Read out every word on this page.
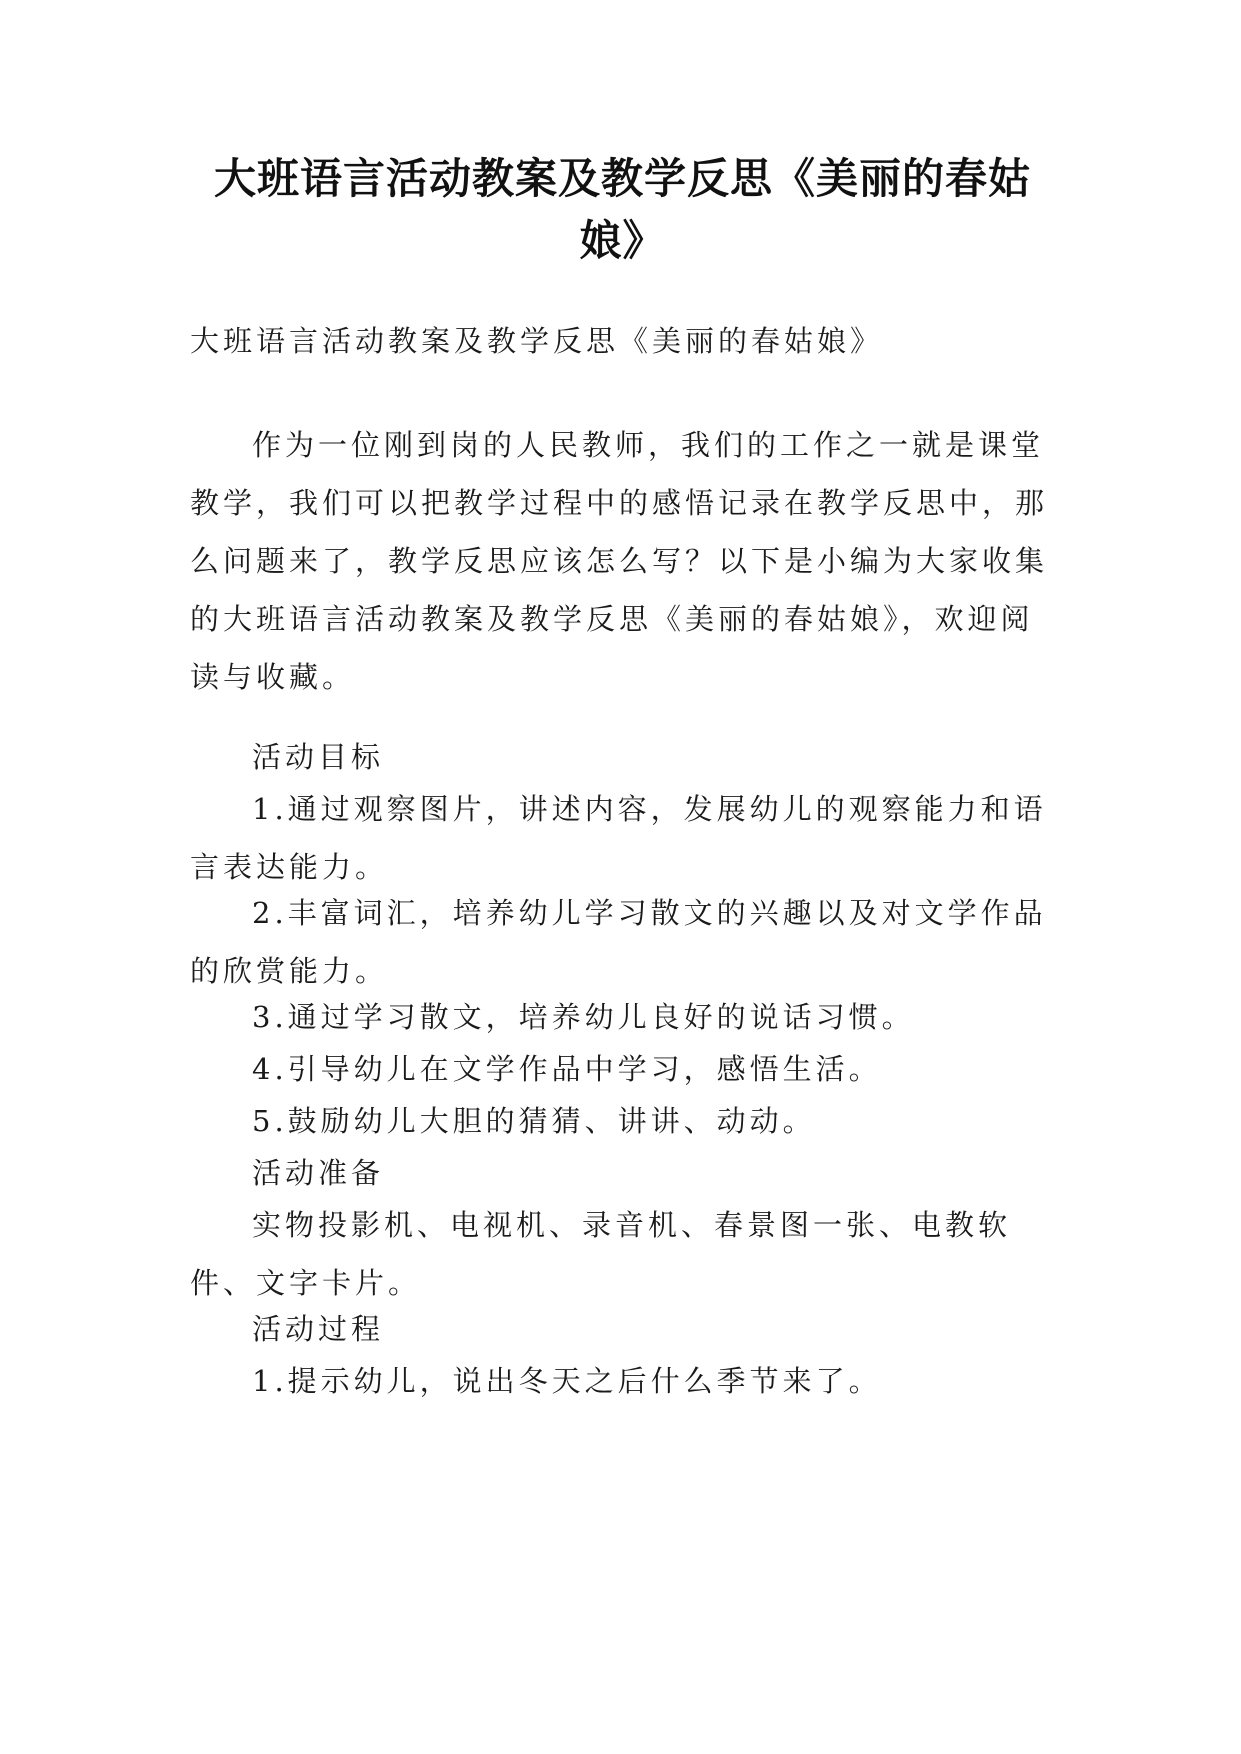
大班语言活动教案及教学反思《美丽的春姑娘》

大班语言活动教案及教学反思《美丽的春姑娘》

作为一位刚到岗的人民教师，我们的工作之一就是课堂教学，我们可以把教学过程中的感悟记录在教学反思中，那么问题来了，教学反思应该怎么写？以下是小编为大家收集的大班语言活动教案及教学反思《美丽的春姑娘》，欢迎阅读与收藏。

活动目标

1.通过观察图片，讲述内容，发展幼儿的观察能力和语言表达能力。

2.丰富词汇，培养幼儿学习散文的兴趣以及对文学作品的欣赏能力。

3.通过学习散文，培养幼儿良好的说话习惯。

4.引导幼儿在文学作品中学习，感悟生活。

5.鼓励幼儿大胆的猜猜、讲讲、动动。

活动准备

实物投影机、电视机、录音机、春景图一张、电教软件、文字卡片。

活动过程

1.提示幼儿，说出冬天之后什么季节来了。
